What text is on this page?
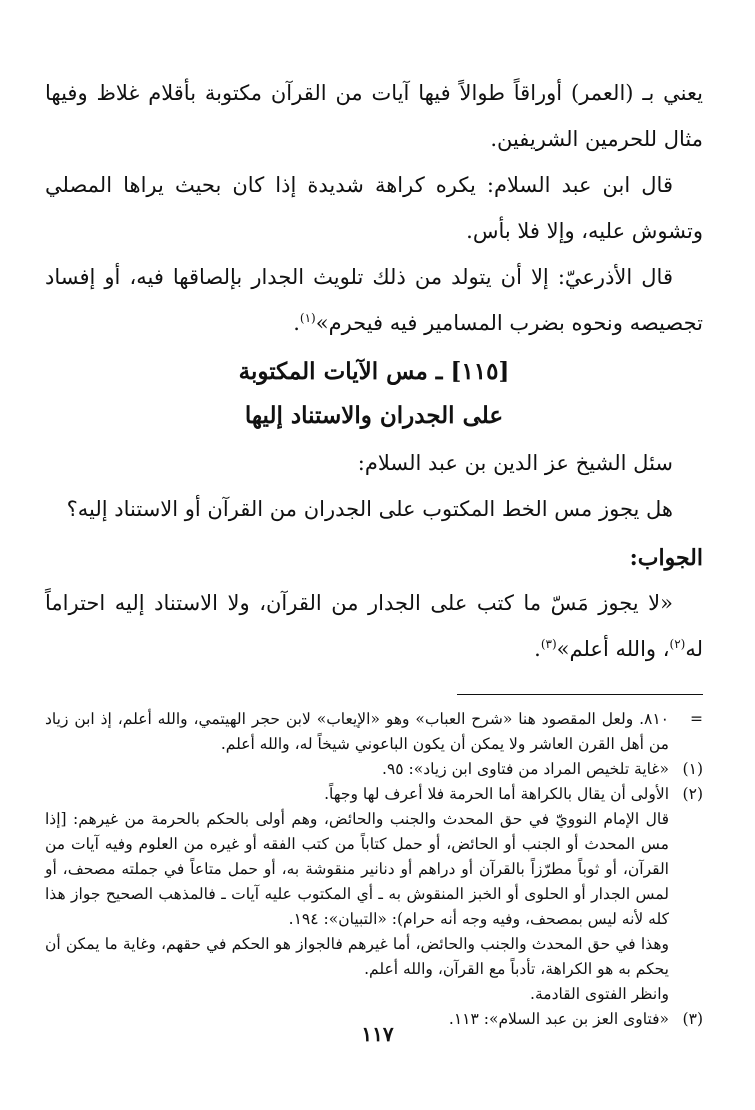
يعني بـ (العمر) أوراقاً طوالاً فيها آيات من القرآن مكتوبة بأقلام غلاظ وفيها مثال للحرمين الشريفين.

قال ابن عبد السلام: يكره كراهة شديدة إذا كان بحيث يراها المصلي وتشوش عليه، وإلا فلا بأس.

قال الأذرعيّ: إلا أن يتولد من ذلك تلويث الجدار بإلصاقها فيه، أو إفساد تجصيصه ونحوه بضرب المسامير فيه فيحرم»$^{(١)}$.

[١١٥] ـ مس الآيات المكتوبة
على الجدران والاستناد إليها

سئل الشيخ عز الدين بن عبد السلام:

هل يجوز مس الخط المكتوب على الجدران من القرآن أو الاستناد إليه؟

الجواب:

«لا يجوز مَسّ ما كتب على الجدار من القرآن، ولا الاستناد إليه احتراماً له$^{(٢)}$، والله أعلم»$^{(٣)}$.

=
٨١٠. ولعل المقصود هنا «شرح العباب» وهو «الإيعاب» لابن حجر الهيتمي، والله أعلم، إذ ابن زياد من أهل القرن العاشر ولا يمكن أن يكون الباعوني شيخاً له، والله أعلم.
(١)
«غاية تلخيص المراد من فتاوى ابن زياد»: ٩٥.
(٢)

الأولى أن يقال بالكراهة أما الحرمة فلا أعرف لها وجهاً.

قال الإمام النوويّ في حق المحدث والجنب والحائض، وهم أولى بالحكم بالحرمة من غيرهم: [إذا مس المحدث أو الجنب أو الحائض، أو حمل كتاباً من كتب الفقه أو غيره من العلوم وفيه آيات من القرآن، أو ثوباً مطرّزاً بالقرآن أو دراهم أو دنانير منقوشة به، أو حمل متاعاً في جملته مصحف، أو لمس الجدار أو الحلوى أو الخبز المنقوش به ـ أي المكتوب عليه آيات ـ فالمذهب الصحيح جواز هذا كله لأنه ليس بمصحف، وفيه وجه أنه حرام): «التبيان»: ١٩٤.

وهذا في حق المحدث والجنب والحائض، أما غيرهم فالجواز هو الحكم في حقهم، وغاية ما يمكن أن يحكم به هو الكراهة، تأدباً مع القرآن، والله أعلم.

وانظر الفتوى القادمة.

(٣)
«فتاوى العز بن عبد السلام»: ١١٣.
١١٧
